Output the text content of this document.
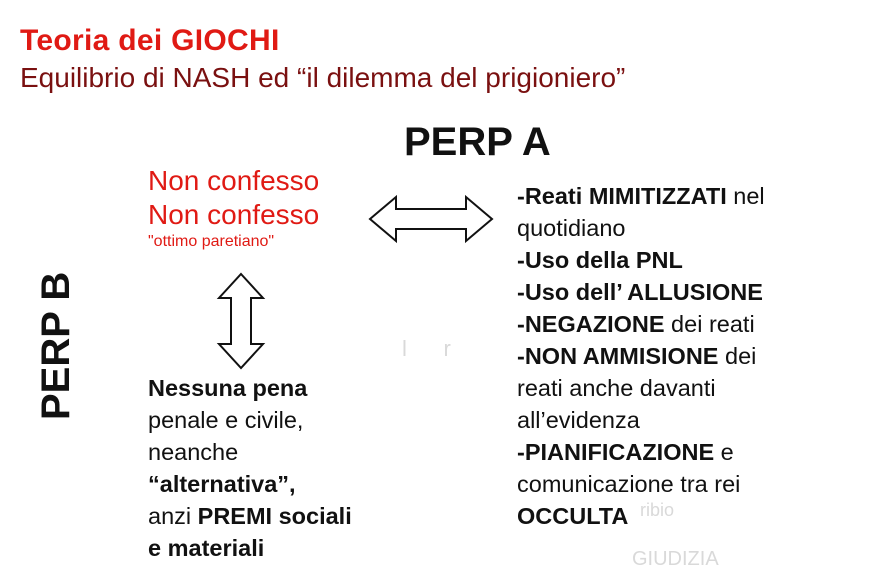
l      r
ribio
GIUDIZIA
Teoria dei GIOCHI
Equilibrio di NASH ed “il dilemma del prigioniero”
PERP A
PERP B
Non confesso
Non confesso
"ottimo paretiano"
-Reati MIMITIZZATI nel
quotidiano
-Uso della PNL
-Uso dell’ ALLUSIONE
-NEGAZIONE dei reati
-NON AMMISIONE dei
reati anche davanti
all’evidenza
-PIANIFICAZIONE e
comunicazione tra rei
OCCULTA
Nessuna pena
penale e civile,
neanche
“alternativa”,
anzi PREMI sociali
e materiali
